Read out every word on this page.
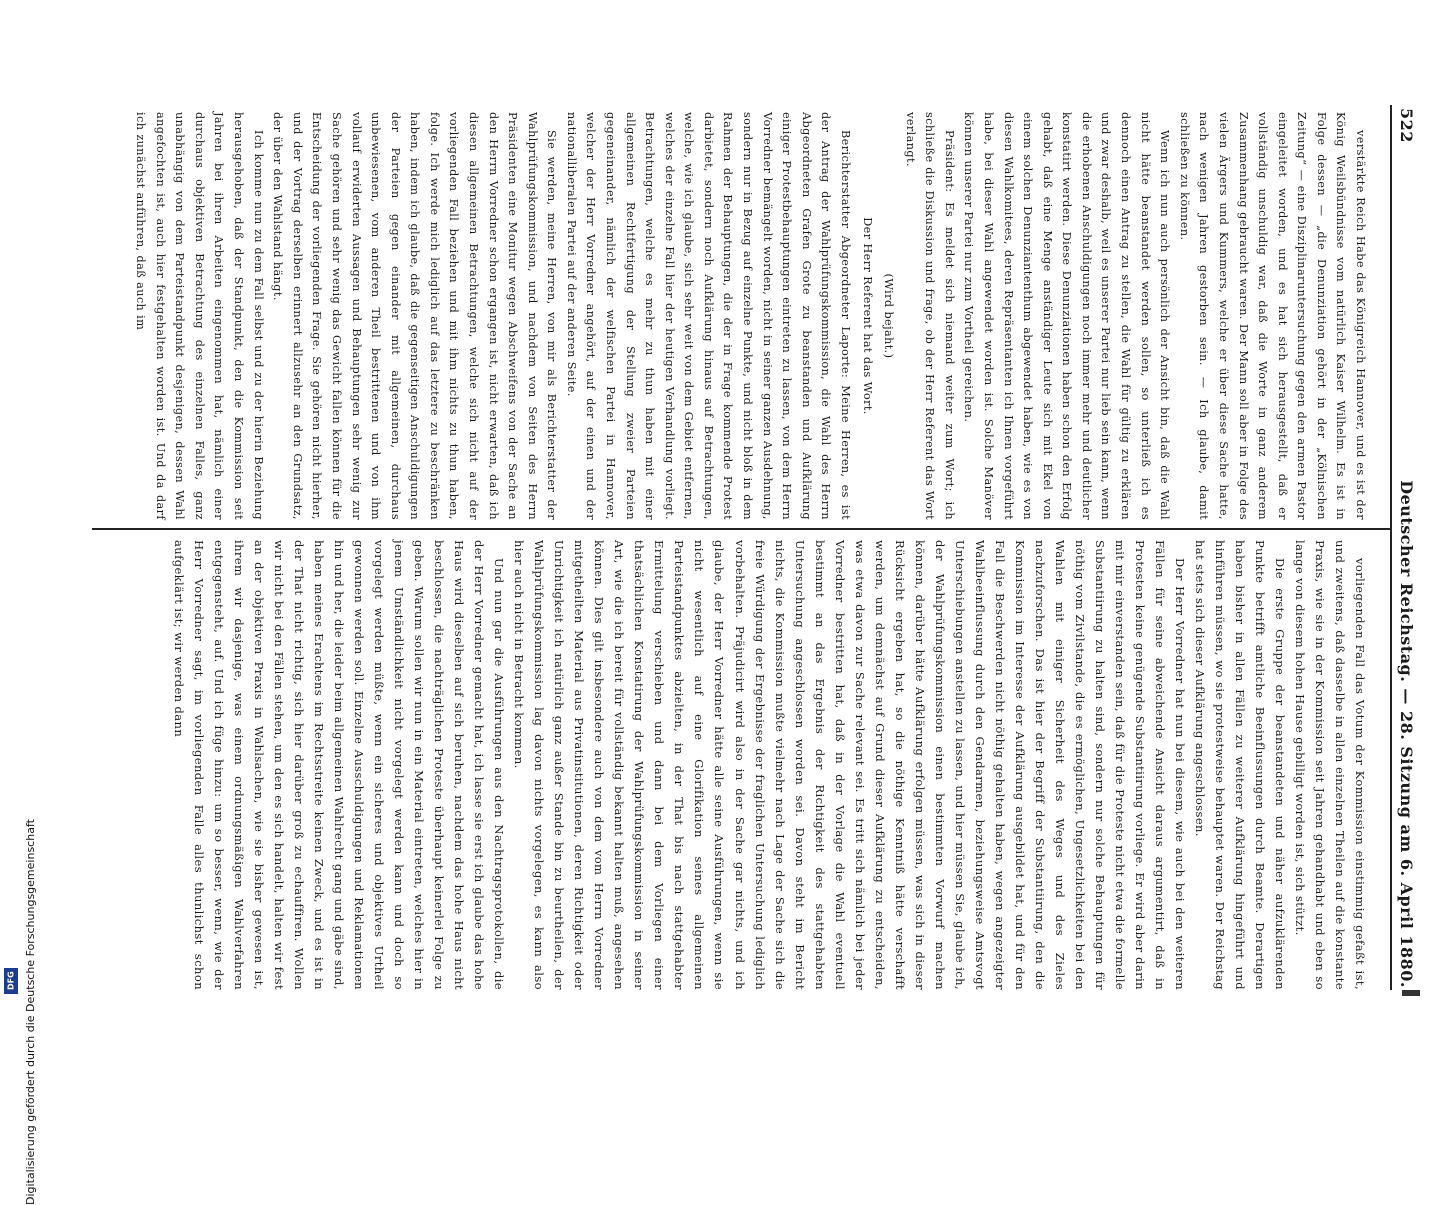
522
Deutscher Reichstag. — 28. Sitzung am 6. April 1880.

verstärkte Reich Habe das Königreich Hannover, und es ist der König Weilsbündnisse vom natürlich Kaiser Wilhelm. Es ist in Folge dessen — „die Denunziation gehört in der „Kölnischen Zeitung“ — eine Disziplinaruntersuchung gegen den armen Pastor eingeleitet worden, und es hat sich herausgestellt, daß er vollständig unschuldig war, daß die Worte in ganz anderem Zusammenhang gebraucht waren. Der Mann soll aber in Folge des vielen Ärgers und Kummers, welche er über diese Sache hatte, nach wenigen Jahren gestorben sein. — Ich glaube, damit schließen zu können.

Wenn ich nun auch persönlich der Ansicht bin, daß die Wahl nicht hätte beanstandet werden sollen, so unterließ ich es dennoch einen Antrag zu stellen, die Wahl für gültig zu erklären und zwar deshalb, weil es unserer Partei nur lieb sein kann, wenn die erhobenen Anschuldigungen noch immer mehr und deutlicher konstatirt werden. Diese Denunziationen haben schon den Erfolg gehabt, daß eine Menge anständiger Leute sich mit Ekel von einem solchen Denunziantenthum abgewendet haben, wie es von diesen Wahlkomitees, deren Repräsentanten ich Ihnen vorgeführt habe, bei dieser Wahl angewendet worden ist. Solche Manöver können unserer Partei nur zum Vortheil gereichen.

Präsident: Es meldet sich niemand weiter zum Wort; ich schließe die Diskussion und frage, ob der Herr Referent das Wort verlangt.

(Wird bejaht.)

Der Herr Referent hat das Wort.

Berichterstatter Abgeordneter Laporte: Meine Herren, es ist der Antrag der Wahlprüfungskommission, die Wahl des Herrn Abgeordneten Grafen Grote zu beanstanden und Aufklärung einiger Protestbehauptungen eintreten zu lassen, von dem Herrn Vorredner bemängelt worden, nicht in seiner ganzen Ausdehnung, sondern nur in Bezug auf einzelne Punkte, und nicht bloß in dem Rahmen der Behauptungen, die der in Frage kommende Protest darbietet, sondern noch Aufklärung hinaus auf Betrachtungen, welche, wie ich glaube, sich sehr weit von dem Gebiet entfernen, welches der einzelne Fall hier der heutigen Verhandlung vorliegt. Betrachtungen, welche es mehr zu thun haben mit einer allgemeinen Rechtfertigung der Stellung zweier Parteien gegeneinander, nämlich der welfischen Partei in Hannover, welcher der Herr Vorredner angehört, auf der einen und der nationalliberalen Partei auf der anderen Seite.

Sie werden, meine Herren, von mir als Berichterstatter der Wahlprüfungskommission, und nachdem von Seiten des Herrn Präsidenten eine Monitur wegen Abschweifens von der Sache an den Herrn Vorredner schon ergangen ist, nicht erwarten, daß ich diesen allgemeinen Betrachtungen, welche sich nicht auf der vorliegenden Fall beziehen und mit ihm nichts zu thun haben, folge. Ich werde mich lediglich auf das letztere zu beschränken haben, indem ich glaube, daß die gegenseitigen Anschuldigungen der Parteien gegen einander mit allgemeinen, durchaus unbewiesenen, vom anderen Theil bestrittenen und von ihm vollauf erwiderten Aussagen und Behauptungen sehr wenig zur Sache gehören und sehr wenig das Gewicht fallen können für die Entscheidung der vorliegenden Frage. Sie gehören nicht hierher, und der Vortrag derselben erinnert allzusehr an den Grundsatz, der über den Wahlstand hängt.

Ich komme nun zu dem Fall selbst und zu der hierin Beziehung herausgehoben, daß der Standpunkt, den die Kommission seit Jahren bei ihren Arbeiten eingenommen hat, nämlich einer durchaus objektiven Betrachtung des einzelnen Falles, ganz unabhängig von dem Parteistandpunkt desjenigen, dessen Wahl angefochten ist, auch hier festgehalten worden ist. Und da darf ich zunächst anführen, daß auch im

vorliegenden Fall das Votum der Kommission einstimmig gefaßt ist, und zweitens, daß dasselbe in allen einzelnen Theilen auf die konstante Praxis, wie sie in der Kommission seit Jahren gehandhabt und eben so lange von diesem hohen Hause gebilligt worden ist, sich stützt.

Die erste Gruppe der beanstandeten und näher aufzuklärenden Punkte betrifft amtliche Beeinflussungen durch Beamte. Derartigen haben bisher in allen Fällen zu weiterer Aufklärung hingeführt und hinführen müssen, wo sie protestweise behauptet waren. Der Reichstag hat stets sich dieser Aufklärung angeschlossen.

Der Herr Vorredner hat nun bei diesem, wie auch bei den weiteren Fällen für seine abweichende Ansicht daraus argumentirt, daß in Protesten keine genügende Substantiirung vorliege. Er wird aber darin mit mir einverstanden sein, daß für die Proteste nicht etwa die formelle Substantiirung zu halten sind, sondern nur solche Behauptungen für nöthig vom Zivilstande, die es ermöglichen, Ungesetzlichkeiten bei den Wahlen mit einiger Sicherheit des Weges und des Zieles nachzuforschen. Das ist hier der Begriff der Substantiirung, den die Kommission im Interesse der Aufklärung ausgebildet hat, und für den Fall die Beschwerden nicht nöthig gehalten haben, wegen angezeigter Wahlbeeinflussung durch den Gendarmen, beziehungsweise Amtsvogt Unterschiebungen anstellen zu lassen, und hier müssen Sie, glaube ich, der Wahlprüfungskommission einen bestimmten Vorwurf machen können, darüber hätte Aufklärung erfolgen müssen, was sich in dieser Rücksicht ergeben hat, so die nöthige Kenntniß hätte verschafft werden, um demnächst auf Grund dieser Aufklärung zu entscheiden, was etwa davon zur Sache relevant sei. Es tritt sich nämlich bei jeder Vorredner bestritten hat, daß in der Vorlage die Wahl eventuell bestimmt an das Ergebnis der Richtigkeit des stattgehabten Untersuchung angeschlossen worden sei. Davon steht im Bericht nichts, die Kommission mußte vielmehr nach Lage der Sache sich die freie Würdigung der Ergebnisse der fraglichen Untersuchung lediglich vorbehalten. Präjudicirt wird also in der Sache gar nichts, und ich glaube, der Herr Vorredner hätte alle seine Ausführungen, wenn sie nicht wesentlich auf eine Glorifikation seines allgemeinen Parteistandpunktes abzielten, in der That bis nach stattgehabter Ermittelung verschieben und dann bei dem Vorliegen einer thatsächlichen Konstatirung der Wahlprüfungskommission in seiner Art, wie die ich bereit für vollständig bekannt halten muß, angesehen können. Dies gilt insbesondere auch von dem vom Herrn Vorredner mitgetheilten Material aus Privatinstitutionen, deren Richtigkeit oder Unrichtigkeit ich natürlich ganz außer Stande bin zu beurtheilen, der Wahlprüfungskommission lag davon nichts vorgelegen, es kann also hier auch nicht in Betracht kommen.

Und nun gar die Ausführungen aus den Nachtragsprotokollen, die der Herr Vorredner gemacht hat, ich lasse sie erst ich glaube das hohe Haus wird dieselben auf sich beruhen, nachdem das hohe Haus nicht beschlossen, die nachträglichen Proteste überhaupt keinerlei Folge zu geben. Warum sollen wir nun in ein Material eintreten, welches hier in jenem Umständlichkeit nicht vorgelegt werden kann und doch so vorgelegt werden müßte, wenn ein sicheres und objektives Urtheil gewonnen werden soll. Einzelne Ausschuldigungen und Reklamationen hin und her, die leider beim allgemeinen Wahlrecht gang und gäbe sind, haben meines Erachtens im Rechtsstreite keinen Zweck, und es ist in der That nicht richtig, sich hier darüber groß zu echauffiren. Wollen wir nicht bei den Fällen stehen, um den es sich handelt, halten wir fest an der objektiven Praxis in Wahlsachen, wie sie bisher gewesen ist, ihrem wir dasjenige, was einem ordnungsmäßigen Wahlverfahren entgegensteht, auf. Und ich füge hinzu: um so besser, wenn, wie der Herr Vorredner sagt, im vorliegenden Falle alles thunlichst schon aufgeklärt ist; wir werden dann

Digitalisierung gefördert durch die Deutsche Forschungsgemeinschaft
DFG
